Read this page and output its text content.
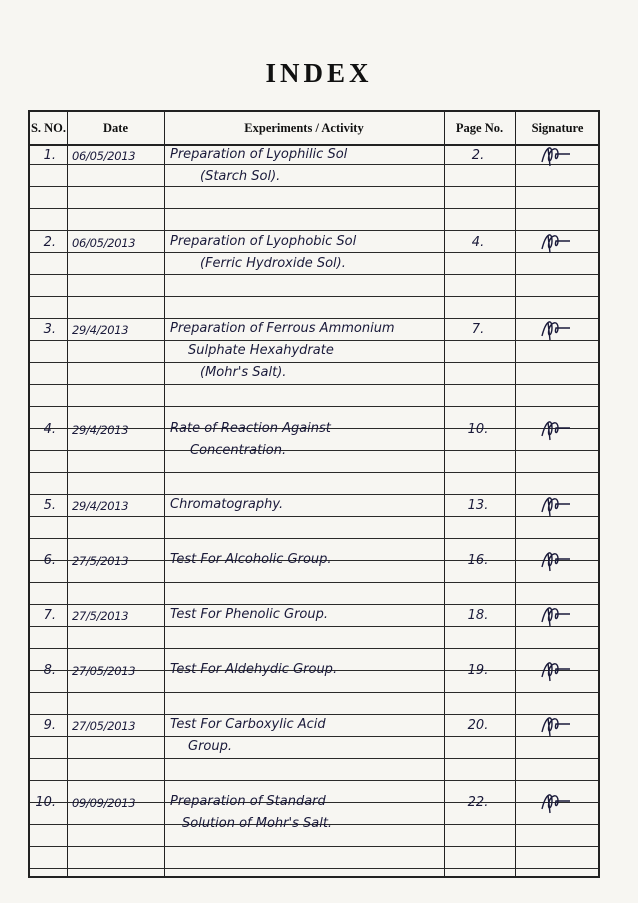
INDEX
S. NO.	Date	Experiments / Activity	Page No.	Signature
1. 06/05/2013	Preparation of Lyophilic Sol
(Starch Sol).
2.
2. 06/05/2013	Preparation of Lyophobic Sol
(Ferric Hydroxide Sol).
4.
3. 29/4/2013	Preparation of Ferrous Ammonium
Sulphate Hexahydrate
(Mohr's Salt).
7.
4. 29/4/2013	Rate of Reaction Against
Concentration.
10.
5. 29/4/2013	Chromatography.	13.
6. 27/5/2013	Test For Alcoholic Group.	16.
7. 27/5/2013	Test For Phenolic Group.	18.
8. 27/05/2013	Test For Aldehydic Group.	19.
9. 27/05/2013	Test For Carboxylic Acid
Group.
20.
10. 09/09/2013	Preparation of Standard
Solution of Mohr's Salt.
22.
